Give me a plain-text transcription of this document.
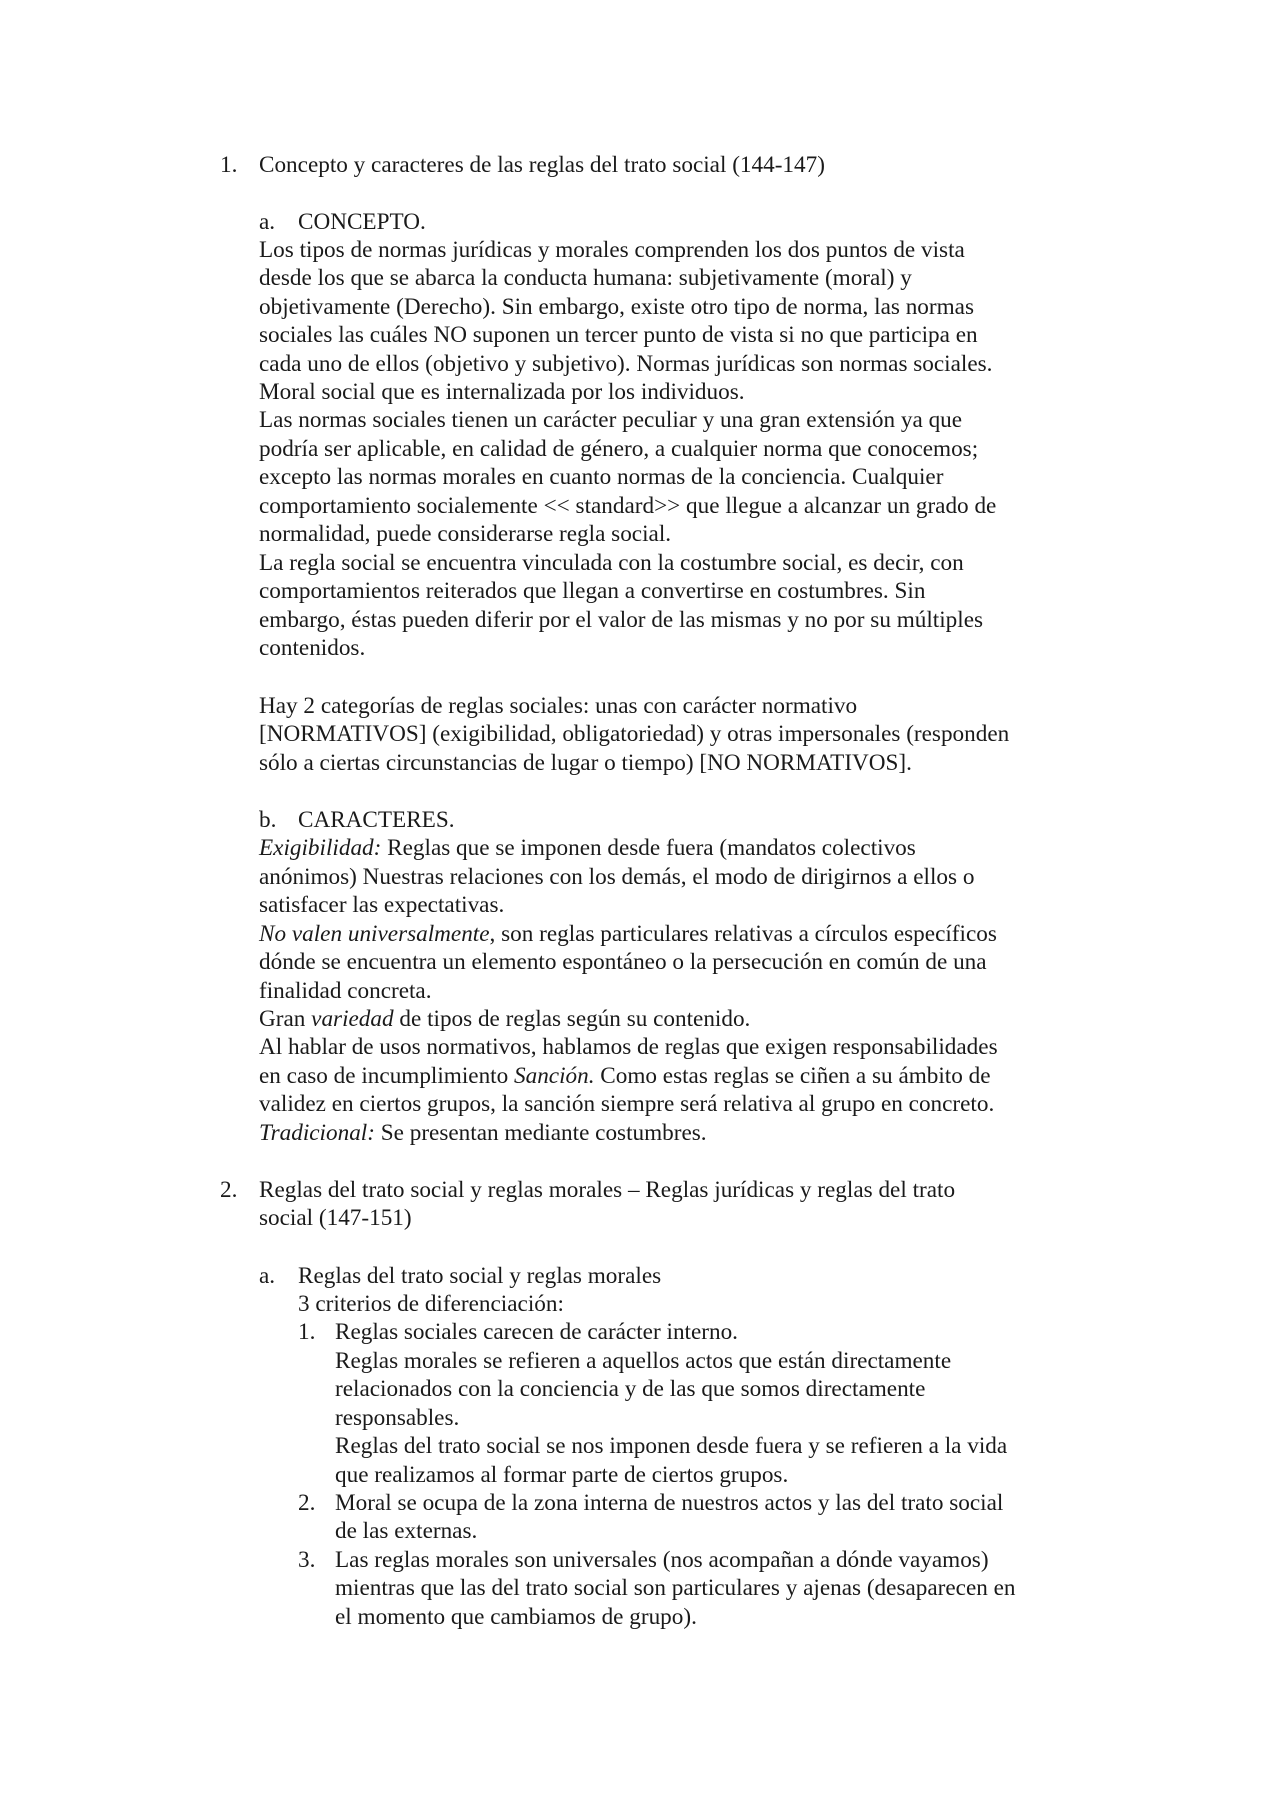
1. Concepto y caracteres de las reglas del trato social (144-147)
a. CONCEPTO.
Los tipos de normas jurídicas y morales comprenden los dos puntos de vista
desde los que se abarca la conducta humana: subjetivamente (moral) y
objetivamente (Derecho). Sin embargo, existe otro tipo de norma, las normas
sociales las cuáles NO suponen un tercer punto de vista si no que participa en
cada uno de ellos (objetivo y subjetivo). Normas jurídicas son normas sociales.
Moral social que es internalizada por los individuos.
Las normas sociales tienen un carácter peculiar y una gran extensión ya que
podría ser aplicable, en calidad de género, a cualquier norma que conocemos;
excepto las normas morales en cuanto normas de la conciencia. Cualquier
comportamiento socialemente << standard>> que llegue a alcanzar un grado de
normalidad, puede considerarse regla social.
La regla social se encuentra vinculada con la costumbre social, es decir, con
comportamientos reiterados que llegan a convertirse en costumbres. Sin
embargo, éstas pueden diferir por el valor de las mismas y no por su múltiples
contenidos.
Hay 2 categorías de reglas sociales: unas con carácter normativo
[NORMATIVOS] (exigibilidad, obligatoriedad) y otras impersonales (responden
sólo a ciertas circunstancias de lugar o tiempo) [NO NORMATIVOS].
b. CARACTERES.
Exigibilidad: Reglas que se imponen desde fuera (mandatos colectivos
anónimos) Nuestras relaciones con los demás, el modo de dirigirnos a ellos o
satisfacer las expectativas.
No valen universalmente, son reglas particulares relativas a círculos específicos
dónde se encuentra un elemento espontáneo o la persecución en común de una
finalidad concreta.
Gran variedad de tipos de reglas según su contenido.
Al hablar de usos normativos, hablamos de reglas que exigen responsabilidades
en caso de incumplimiento Sanción. Como estas reglas se ciñen a su ámbito de
validez en ciertos grupos, la sanción siempre será relativa al grupo en concreto.
Tradicional: Se presentan mediante costumbres.
2. Reglas del trato social y reglas morales – Reglas jurídicas y reglas del trato
social (147-151)
a. Reglas del trato social y reglas morales
3 criterios de diferenciación:
1. Reglas sociales carecen de carácter interno.
Reglas morales se refieren a aquellos actos que están directamente
relacionados con la conciencia y de las que somos directamente
responsables.
Reglas del trato social se nos imponen desde fuera y se refieren a la vida
que realizamos al formar parte de ciertos grupos.
2. Moral se ocupa de la zona interna de nuestros actos y las del trato social
de las externas.
3. Las reglas morales son universales (nos acompañan a dónde vayamos)
mientras que las del trato social son particulares y ajenas (desaparecen en
el momento que cambiamos de grupo).
